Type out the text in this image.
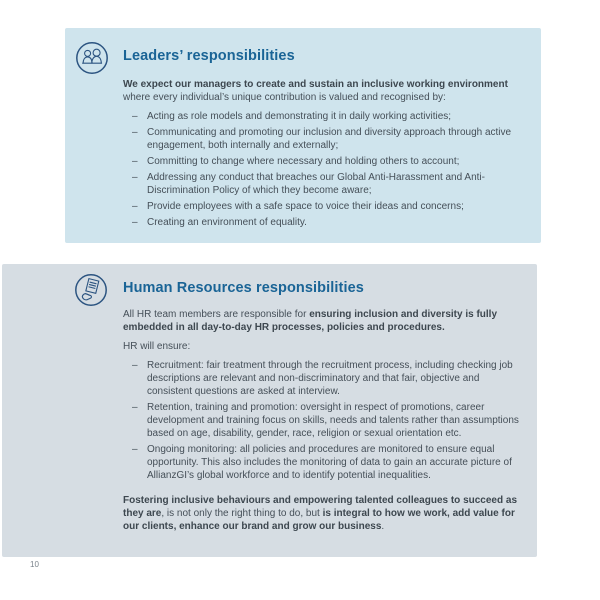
Leaders’ responsibilities

We expect our managers to create and sustain an inclusive working environment where every individual’s unique contribution is valued and recognised by:

– Acting as role models and demonstrating it in daily working activities;
– Communicating and promoting our inclusion and diversity approach through active engagement, both internally and externally;
– Committing to change where necessary and holding others to account;
– Addressing any conduct that breaches our Global Anti-Harassment and Anti-Discrimination Policy of which they become aware;
– Provide employees with a safe space to voice their ideas and concerns;
– Creating an environment of equality.
Human Resources responsibilities

All HR team members are responsible for ensuring inclusion and diversity is fully embedded in all day-to-day HR processes, policies and procedures.

HR will ensure:

– Recruitment: fair treatment through the recruitment process, including checking job descriptions are relevant and non-discriminatory and that fair, objective and consistent questions are asked at interview.
– Retention, training and promotion: oversight in respect of promotions, career development and training focus on skills, needs and talents rather than assumptions based on age, disability, gender, race, religion or sexual orientation etc.
– Ongoing monitoring: all policies and procedures are monitored to ensure equal opportunity. This also includes the monitoring of data to gain an accurate picture of AllianzGI’s global workforce and to identify potential inequalities.

Fostering inclusive behaviours and empowering talented colleagues to succeed as they are, is not only the right thing to do, but is integral to how we work, add value for our clients, enhance our brand and grow our business.

10
